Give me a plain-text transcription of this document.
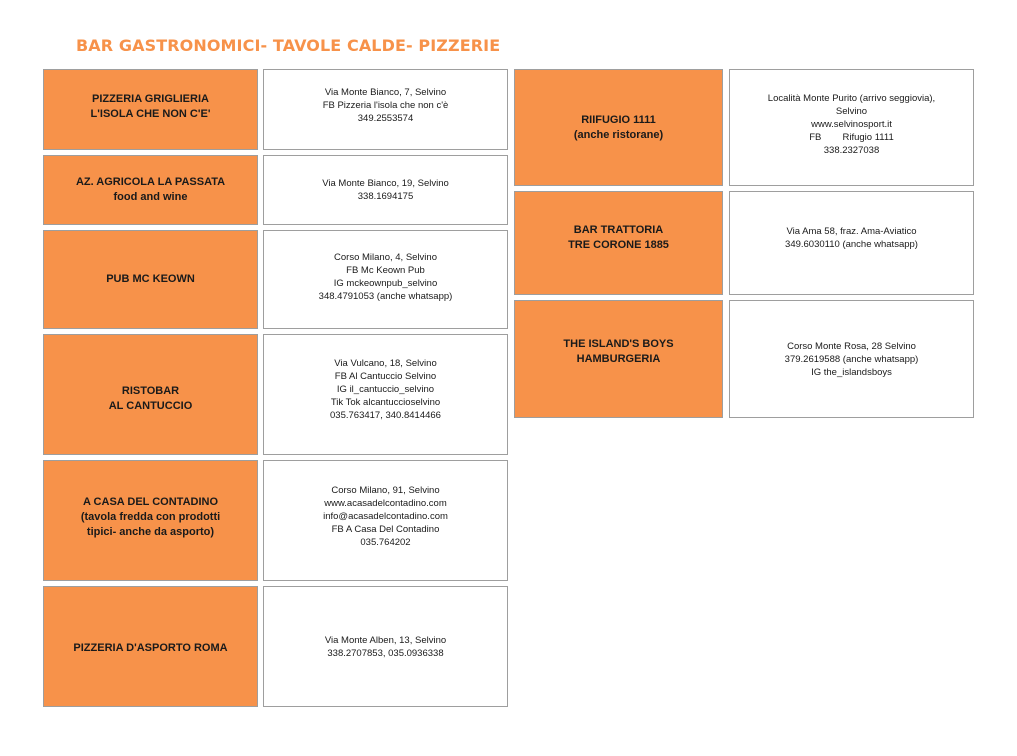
BAR GASTRONOMICI- TAVOLE CALDE- PIZZERIE
PIZZERIA GRIGLIERIA
L'ISOLA CHE NON C'E'
Via Monte Bianco, 7, Selvino
FB Pizzeria l'isola che non c'è
349.2553574
AZ. AGRICOLA LA PASSATA
food and wine
Via Monte Bianco, 19, Selvino
338.1694175
PUB MC KEOWN
Corso Milano, 4, Selvino
FB Mc Keown Pub
IG mckeownpub_selvino
348.4791053 (anche whatsapp)
RISTOBAR
AL CANTUCCIO
Via Vulcano, 18, Selvino
FB Al Cantuccio Selvino
IG il_cantuccio_selvino
Tik Tok alcantuccioselvino
035.763417, 340.8414466
A CASA DEL CONTADINO
(tavola fredda con prodotti
tipici- anche da asporto)
Corso Milano, 91, Selvino
www.acasadelcontadino.com
info@acasadelcontadino.com
FB A Casa Del Contadino
035.764202
PIZZERIA D'ASPORTO ROMA
Via Monte Alben, 13, Selvino
338.2707853, 035.0936338
RIIFUGIO 1111
(anche ristorane)
Località Monte Purito (arrivo seggiovia),
Selvino
www.selvinosport.it
FB        Rifugio 1111
338.2327038
BAR TRATTORIA
TRE CORONE 1885
Via Ama 58, fraz. Ama-Aviatico
349.6030110 (anche whatsapp)
THE ISLAND'S BOYS
HAMBURGERIA
Corso Monte Rosa, 28 Selvino
379.2619588 (anche whatsapp)
IG the_islandsboys
